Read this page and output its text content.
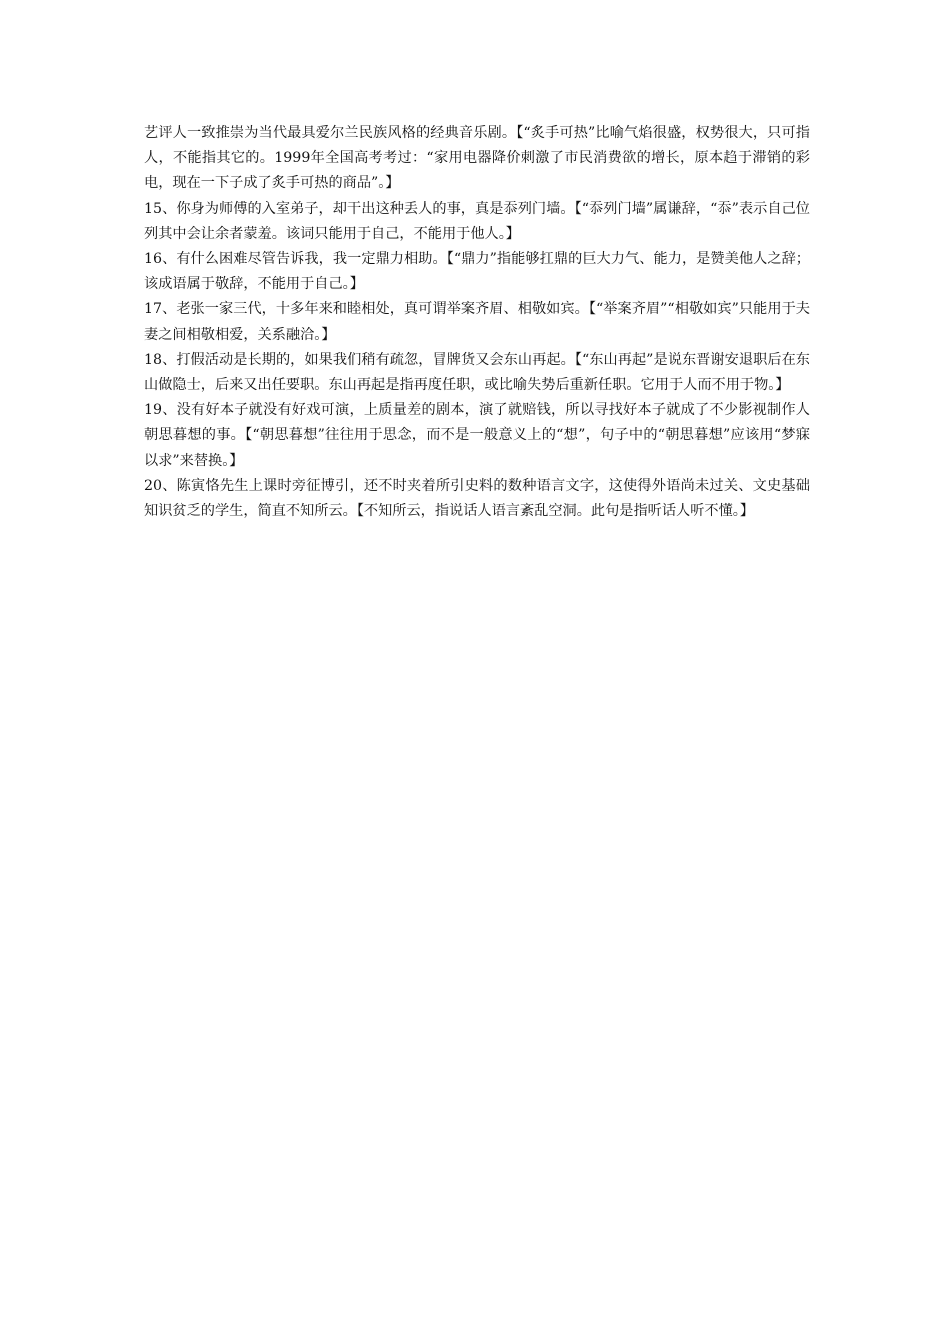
艺评人一致推崇为当代最具爱尔兰民族风格的经典音乐剧。【“炙手可热”比喻气焰很盛，权势很大，只可指人，不能指其它的。1999年全国高考考过：“家用电器降价刺激了市民消费欲的增长，原本趋于滞销的彩电，现在一下子成了炙手可热的商品”。】

15、你身为师傅的入室弟子，却干出这种丢人的事，真是忝列门墙。【“忝列门墙”属谦辞，“忝”表示自己位列其中会让余者蒙羞。该词只能用于自己，不能用于他人。】

16、有什么困难尽管告诉我，我一定鼎力相助。【“鼎力”指能够扛鼎的巨大力气、能力，是赞美他人之辞；该成语属于敬辞，不能用于自己。】

17、老张一家三代，十多年来和睦相处，真可谓举案齐眉、相敬如宾。【“举案齐眉”“相敬如宾”只能用于夫妻之间相敬相爱，关系融洽。】

18、打假活动是长期的，如果我们稍有疏忽，冒牌货又会东山再起。【“东山再起”是说东晋谢安退职后在东山做隐士，后来又出任要职。东山再起是指再度任职，或比喻失势后重新任职。它用于人而不用于物。】

19、没有好本子就没有好戏可演，上质量差的剧本，演了就赔钱，所以寻找好本子就成了不少影视制作人朝思暮想的事。【“朝思暮想”往往用于思念，而不是一般意义上的“想”，句子中的“朝思暮想”应该用“梦寐以求”来替换。】

20、陈寅恪先生上课时旁征博引，还不时夹着所引史料的数种语言文字，这使得外语尚未过关、文史基础知识贫乏的学生，简直不知所云。【不知所云，指说话人语言紊乱空洞。此句是指听话人听不懂。】
